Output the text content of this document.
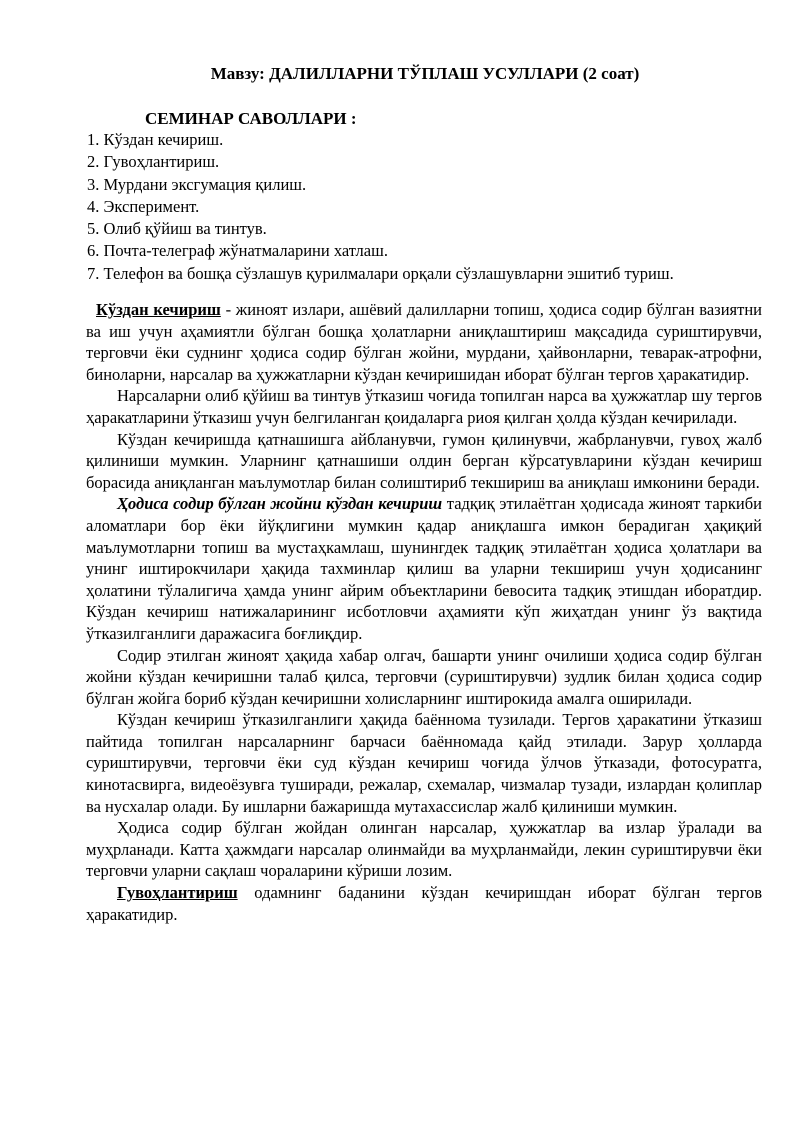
Мавзу: ДАЛИЛЛАРНИ ТЎПЛАШ УСУЛЛАРИ (2 соат)
СЕМИНАР САВОЛЛАРИ :
1. Кўздан кечириш.
2. Гувоҳлантириш.
3. Мурдани эксгумация қилиш.
4. Эксперимент.
5. Олиб қўйиш ва тинтув.
6. Почта-телеграф жўнатмаларини хатлаш.
7. Телефон ва бошқа сўзлашув қурилмалари орқали сўзлашувларни эшитиб туриш.

Кўздан кечириш - жиноят излари, ашёвий далилларни топиш, ҳодиса содир бўлган вазиятни ва иш учун аҳамиятли бўлган бошқа ҳолатларни аниқлаштириш мақсадида суриштирувчи, терговчи ёки суднинг ҳодиса содир бўлган жойни, мурдани, ҳайвонларни, теварак-атрофни, биноларни, нарсалар ва ҳужжатларни кўздан кечиришидан иборат бўлган тергов ҳаракатидир.

Нарсаларни олиб қўйиш ва тинтув ўтказиш чоғида топилган нарса ва ҳужжатлар шу тергов ҳаракатларини ўтказиш учун белгиланган қоидаларга риоя қилган ҳолда кўздан кечирилади.

Кўздан кечиришда қатнашишга айбланувчи, гумон қилинувчи, жабрланувчи, гувоҳ жалб қилиниши мумкин. Уларнинг қатнашиши олдин берган кўрсатувларини кўздан кечириш борасида аниқланган маълумотлар билан солиштириб текшириш ва аниқлаш имконини беради.

Ҳодиса содир бўлган жойни кўздан кечириш тадқиқ этилаётган ҳодисада жиноят таркиби аломатлари бор ёки йўқлигини мумкин қадар аниқлашга имкон берадиган ҳақиқий маълумотларни топиш ва мустаҳкамлаш, шунингдек тадқиқ этилаётган ҳодиса ҳолатлари ва унинг иштирокчилари ҳақида тахминлар қилиш ва уларни текшириш учун ҳодисанинг ҳолатини тўлалигича ҳамда унинг айрим объектларини бевосита тадқиқ этишдан иборатдир. Кўздан кечириш натижаларининг исботловчи аҳамияти кўп жиҳатдан унинг ўз вақтида ўтказилганлиги даражасига боғлиқдир.

Содир этилган жиноят ҳақида хабар олгач, башарти унинг очилиши ҳодиса содир бўлган жойни кўздан кечиришни талаб қилса, терговчи (суриштирувчи) зудлик билан ҳодиса содир бўлган жойга бориб кўздан кечиришни холисларнинг иштирокида амалга оширилади.

Кўздан кечириш ўтказилганлиги ҳақида баённома тузилади. Тергов ҳаракатини ўтказиш пайтида топилган нарсаларнинг барчаси баённомада қайд этилади. Зарур ҳолларда суриштирувчи, терговчи ёки суд кўздан кечириш чоғида ўлчов ўтказади, фотосуратга, кинотасвирга, видеоёзувга туширади, режалар, схемалар, чизмалар тузади, излардан қолиплар ва нусхалар олади. Бу ишларни бажаришда мутахассислар жалб қилиниши мумкин.

Ҳодиса содир бўлган жойдан олинган нарсалар, ҳужжатлар ва излар ўралади ва муҳрланади. Катта ҳажмдаги нарсалар олинмайди ва муҳрланмайди, лекин суриштирувчи ёки терговчи уларни сақлаш чораларини кўриши лозим.

Гувоҳлантириш одамнинг баданини кўздан кечиришдан иборат бўлган тергов ҳаракатидир.
